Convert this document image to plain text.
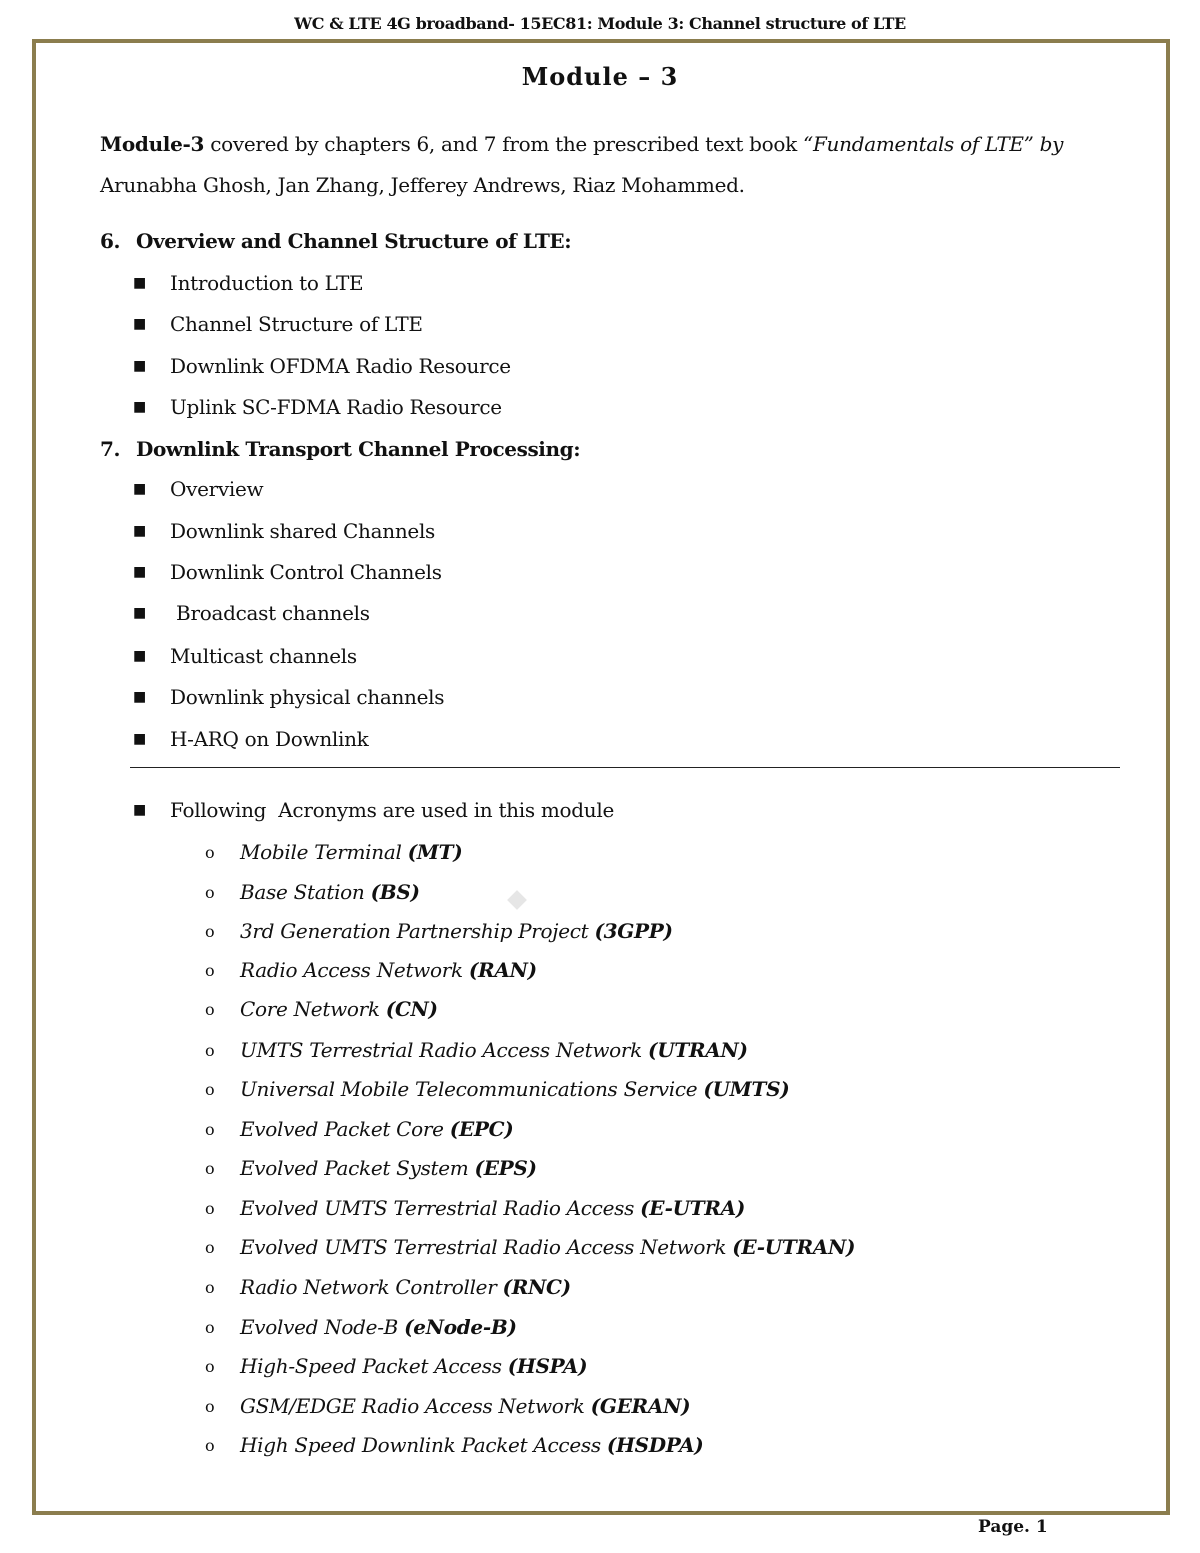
WC & LTE 4G broadband- 15EC81: Module 3: Channel structure of LTE
Module – 3
Module-3 covered by chapters 6, and 7 from the prescribed text book “Fundamentals of LTE” by
Arunabha Ghosh, Jan Zhang, Jefferey Andrews, Riaz Mohammed.
6. Overview and Channel Structure of LTE:
■ Introduction to LTE
■ Channel Structure of LTE
■ Downlink OFDMA Radio Resource
■ Uplink SC-FDMA Radio Resource
7. Downlink Transport Channel Processing:
■ Overview
■ Downlink shared Channels
■ Downlink Control Channels
■ Broadcast channels
■ Multicast channels
■ Downlink physical channels
■ H-ARQ on Downlink
■ Following  Acronyms are used in this module
o Mobile Terminal (MT)
o Base Station (BS)
o 3rd Generation Partnership Project (3GPP)
o Radio Access Network (RAN)
o Core Network (CN)
o UMTS Terrestrial Radio Access Network (UTRAN)
o Universal Mobile Telecommunications Service (UMTS)
o Evolved Packet Core (EPC)
o Evolved Packet System (EPS)
o Evolved UMTS Terrestrial Radio Access (E-UTRA)
o Evolved UMTS Terrestrial Radio Access Network (E-UTRAN)
o Radio Network Controller (RNC)
o Evolved Node-B (eNode-B)
o High-Speed Packet Access (HSPA)
o GSM/EDGE Radio Access Network (GERAN)
o High Speed Downlink Packet Access (HSDPA)
Page. 1
